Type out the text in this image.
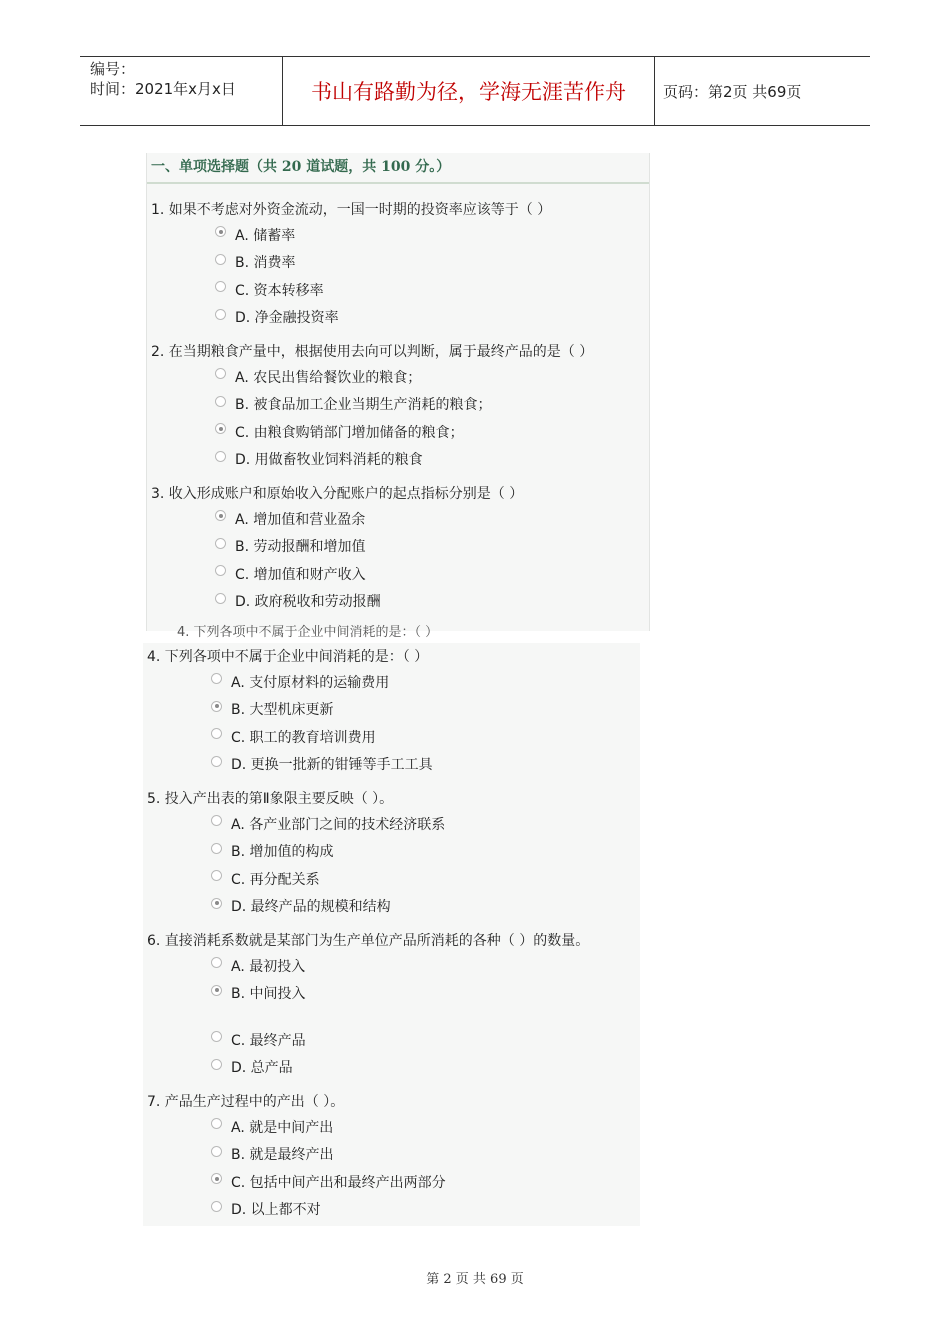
编号：
时间：2021年x月x日	书山有路勤为径，学海无涯苦作舟	页码：第2页 共69页
一、单项选择题（共 20 道试题，共 100 分。）
1. 如果不考虑对外资金流动，一国一时期的投资率应该等于（ ）
A. 储蓄率
B. 消费率
C. 资本转移率
D. 净金融投资率
2. 在当期粮食产量中，根据使用去向可以判断，属于最终产品的是（ ）
A. 农民出售给餐饮业的粮食；
B. 被食品加工企业当期生产消耗的粮食；
C. 由粮食购销部门增加储备的粮食；
D. 用做畜牧业饲料消耗的粮食
3. 收入形成账户和原始收入分配账户的起点指标分别是（ ）
A. 增加值和营业盈余
B. 劳动报酬和增加值
C. 增加值和财产收入
D. 政府税收和劳动报酬
4. 下列各项中不属于企业中间消耗的是：（ ）
4. 下列各项中不属于企业中间消耗的是：（ ）
A. 支付原材料的运输费用
B. 大型机床更新
C. 职工的教育培训费用
D. 更换一批新的钳锤等手工工具
5. 投入产出表的第Ⅱ象限主要反映（ ）。
A. 各产业部门之间的技术经济联系
B. 增加值的构成
C. 再分配关系
D. 最终产品的规模和结构
6. 直接消耗系数就是某部门为生产单位产品所消耗的各种（ ）的数量。
A. 最初投入
B. 中间投入
C. 最终产品
D. 总产品
7. 产品生产过程中的产出（ ）。
A. 就是中间产出
B. 就是最终产出
C. 包括中间产出和最终产出两部分
D. 以上都不对
第 2 页 共 69 页
